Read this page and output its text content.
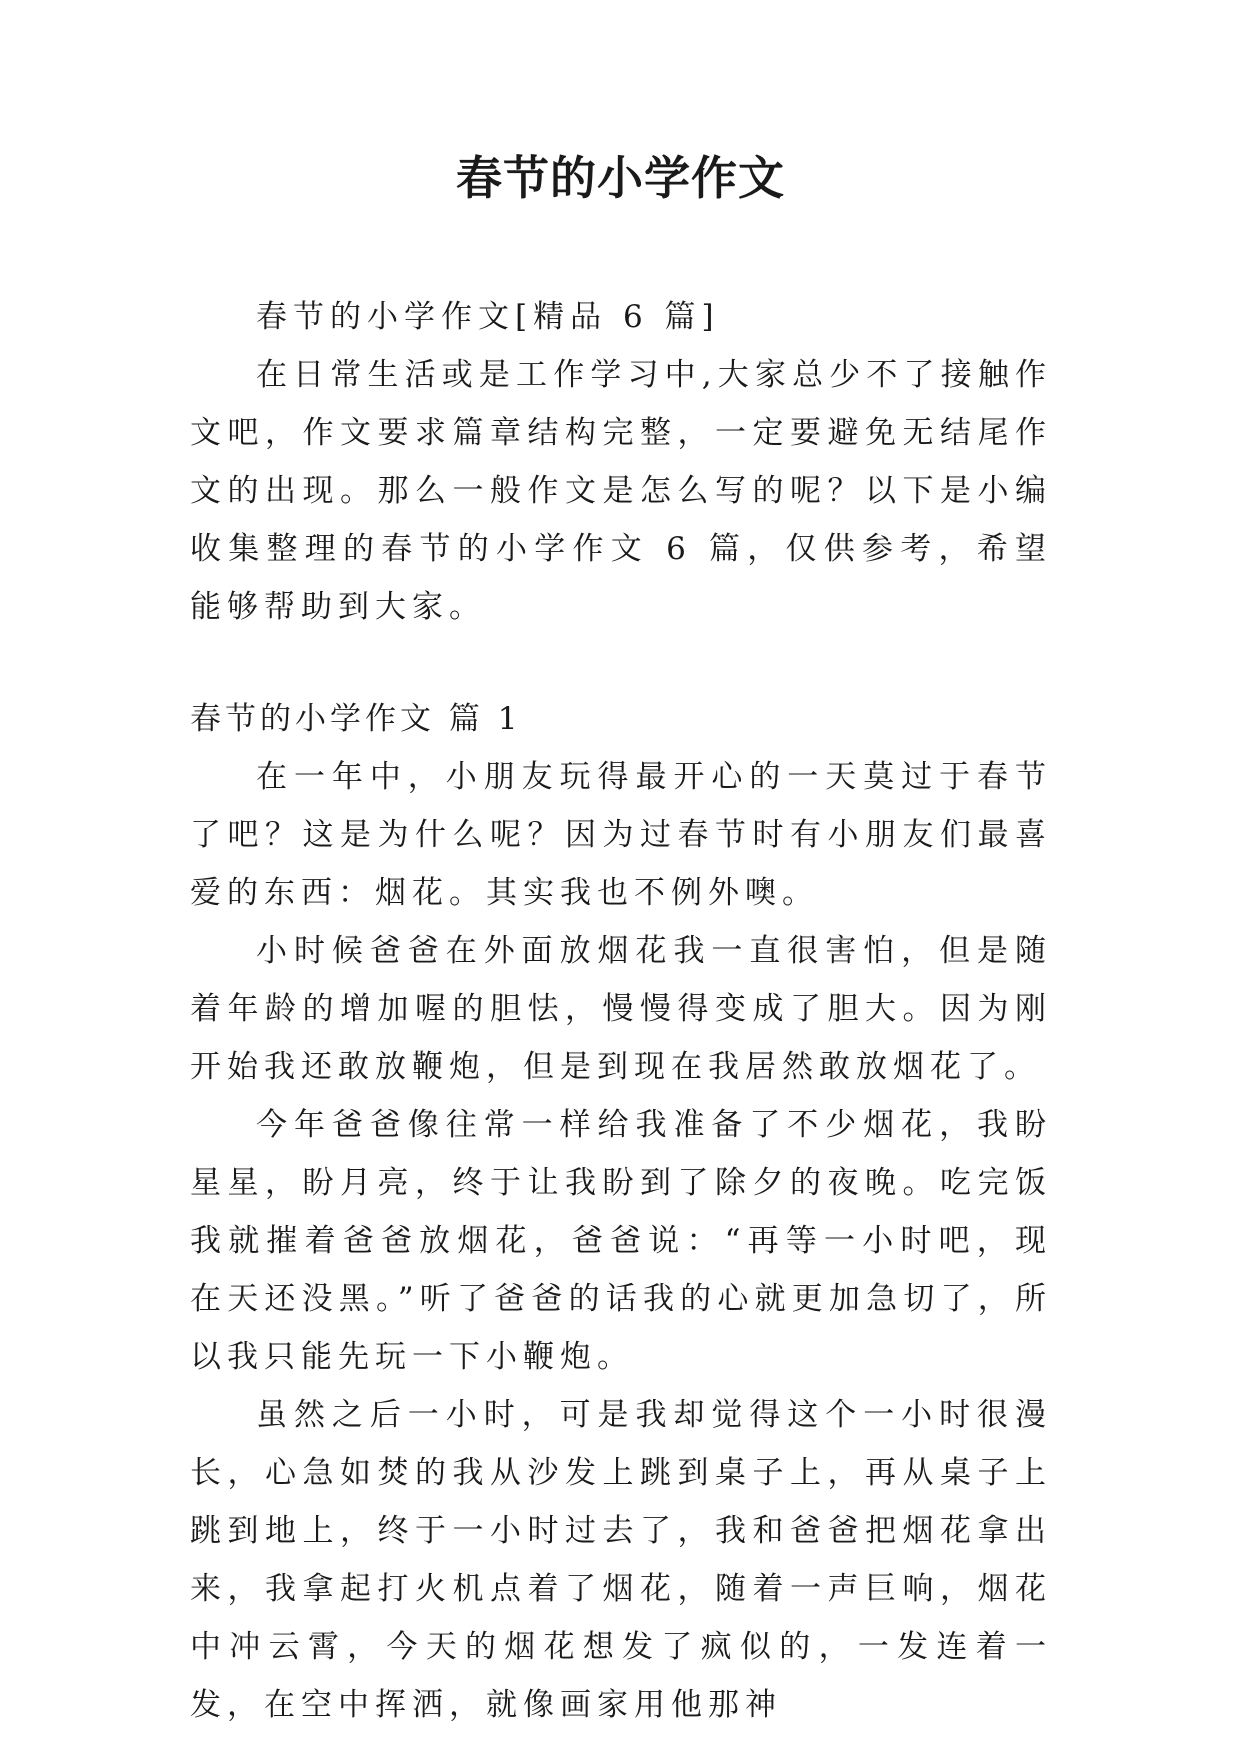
春节的小学作文

春节的小学作文[精品 6 篇]

在日常生活或是工作学习中,大家总少不了接触作文吧，作文要求篇章结构完整，一定要避免无结尾作文的出现。那么一般作文是怎么写的呢？以下是小编收集整理的春节的小学作文 6 篇，仅供参考，希望能够帮助到大家。

春节的小学作文 篇 1

在一年中，小朋友玩得最开心的一天莫过于春节了吧？这是为什么呢？因为过春节时有小朋友们最喜爱的东西：烟花。其实我也不例外噢。

小时候爸爸在外面放烟花我一直很害怕，但是随着年龄的增加喔的胆怯，慢慢得变成了胆大。因为刚开始我还敢放鞭炮，但是到现在我居然敢放烟花了。

今年爸爸像往常一样给我准备了不少烟花，我盼星星，盼月亮，终于让我盼到了除夕的夜晚。吃完饭我就摧着爸爸放烟花，爸爸说：“再等一小时吧，现在天还没黑。”听了爸爸的话我的心就更加急切了，所以我只能先玩一下小鞭炮。

虽然之后一小时，可是我却觉得这个一小时很漫长，心急如焚的我从沙发上跳到桌子上，再从桌子上跳到地上，终于一小时过去了，我和爸爸把烟花拿出来，我拿起打火机点着了烟花，随着一声巨响，烟花中冲云霄，今天的烟花想发了疯似的，一发连着一发，在空中挥洒，就像画家用他那神
